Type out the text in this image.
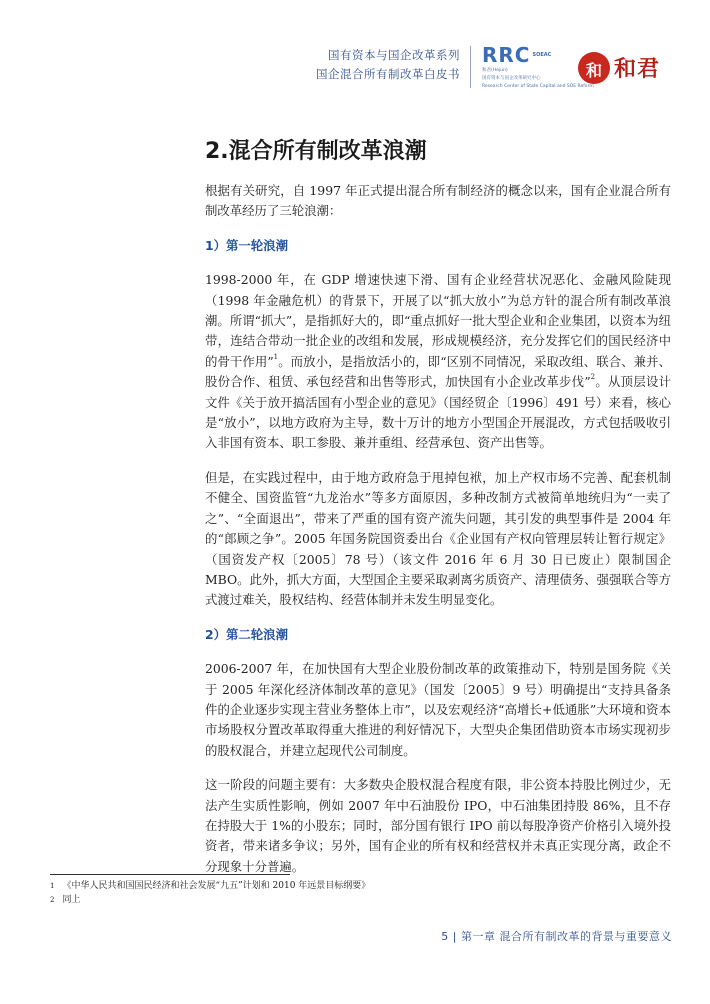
国有资本与国企改革系列
国企混合所有制改革白皮书
RRC $^{SOEAC}$
和君(Hejun)
国有资本与国企改革研究中心
Research Center of State Capital and SOE Reform
和 和君
2.混合所有制改革浪潮

根据有关研究，自 1997 年正式提出混合所有制经济的概念以来，国有企业混合所有制改革经历了三轮浪潮：

1）第一轮浪潮

1998-2000 年，在 GDP 增速快速下滑、国有企业经营状况恶化、金融风险陡现（1998 年金融危机）的背景下，开展了以“抓大放小”为总方针的混合所有制改革浪潮。所谓“抓大”，是指抓好大的，即“重点抓好一批大型企业和企业集团，以资本为纽带，连结合带动一批企业的改组和发展，形成规模经济，充分发挥它们的国民经济中的骨干作用”$^1$。而放小，是指放活小的，即“区别不同情况，采取改组、联合、兼并、股份合作、租赁、承包经营和出售等形式，加快国有小企业改革步伐”$^2$。从顶层设计文件《关于放开搞活国有小型企业的意见》（国经贸企〔1996〕491 号）来看，核心是“放小”，以地方政府为主导，数十万计的地方小型国企开展混改，方式包括吸收引入非国有资本、职工参股、兼并重组、经营承包、资产出售等。

但是，在实践过程中，由于地方政府急于甩掉包袱，加上产权市场不完善、配套机制不健全、国资监管“九龙治水”等多方面原因，多种改制方式被简单地统归为“一卖了之”、“全面退出”，带来了严重的国有资产流失问题，其引发的典型事件是 2004 年的“郎顾之争”。2005 年国务院国资委出台《企业国有产权向管理层转让暂行规定》（国资发产权〔2005〕78 号）（该文件 2016 年 6 月 30 日已废止）限制国企 MBO。此外，抓大方面，大型国企主要采取剥离劣质资产、清理债务、强强联合等方式渡过难关，股权结构、经营体制并未发生明显变化。

2）第二轮浪潮

2006-2007 年，在加快国有大型企业股份制改革的政策推动下，特别是国务院《关于 2005 年深化经济体制改革的意见》（国发〔2005〕9 号）明确提出“支持具备条件的企业逐步实现主营业务整体上市”，以及宏观经济“高增长+低通胀”大环境和资本市场股权分置改革取得重大推进的利好情况下，大型央企集团借助资本市场实现初步的股权混合，并建立起现代公司制度。

这一阶段的问题主要有：大多数央企股权混合程度有限，非公资本持股比例过少，无法产生实质性影响，例如 2007 年中石油股份 IPO，中石油集团持股 86%，且不存在持股大于 1%的小股东；同时，部分国有银行 IPO 前以每股净资产价格引入境外投资者，带来诸多争议；另外，国有企业的所有权和经营权并未真正实现分离，政企不分现象十分普遍。

$^1$ 《中华人民共和国国民经济和社会发展“九五”计划和 2010 年远景目标纲要》
$^2$ 同上
5 | 第一章 混合所有制改革的背景与重要意义
